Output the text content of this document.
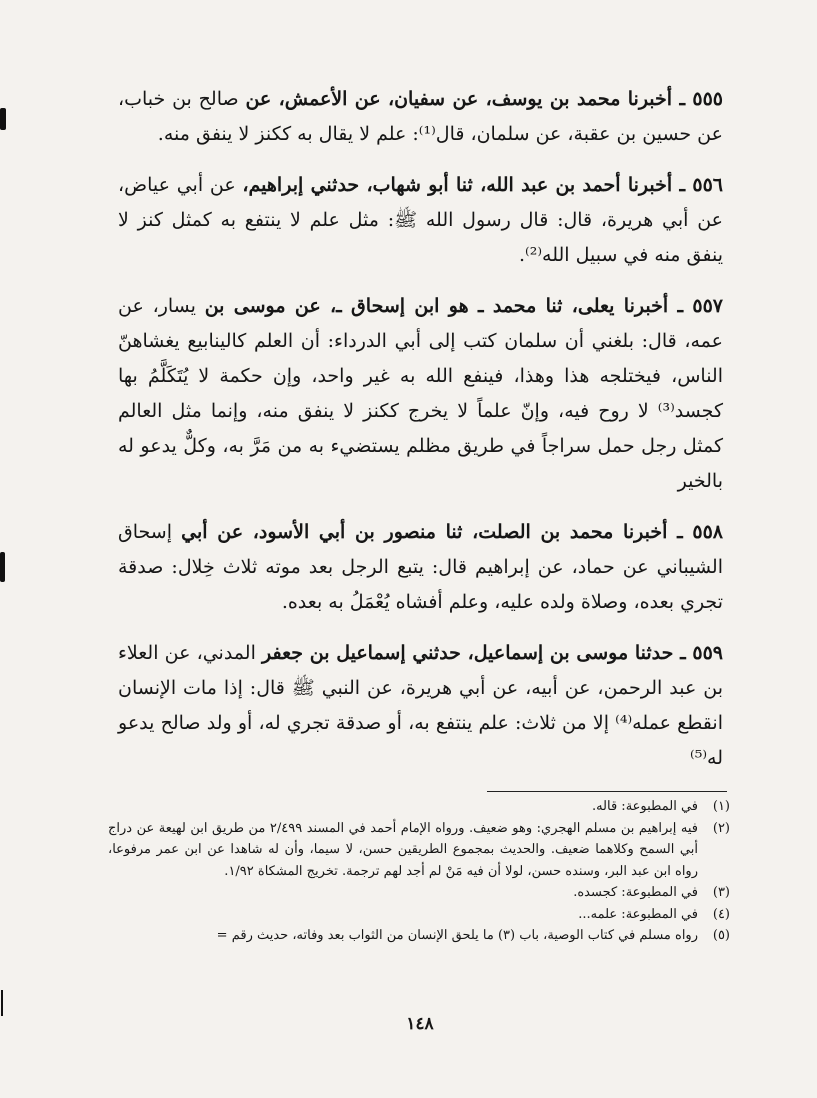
٥٥٥ ـ أخبرنا محمد بن يوسف، عن سفيان، عن الأعمش، عن صالح بن خباب، عن حسين بن عقبة، عن سلمان، قال⁽¹⁾: علم لا يقال به ككنز لا ينفق منه.

٥٥٦ ـ أخبرنا أحمد بن عبد الله، ثنا أبو شهاب، حدثني إبراهيم، عن أبي عياض، عن أبي هريرة، قال: قال رسول الله ﷺ: مثل علم لا ينتفع به كمثل كنز لا ينفق منه في سبيل الله⁽²⁾.

٥٥٧ ـ أخبرنا يعلى، ثنا محمد ـ هو ابن إسحاق ـ، عن موسى بن يسار، عن عمه، قال: بلغني أن سلمان كتب إلى أبي الدرداء: أن العلم كالينابيع يغشاهنّ الناس، فيختلجه هذا وهذا، فينفع الله به غير واحد، وإن حكمة لا يُتَكَلَّمُ بها كجسد⁽³⁾ لا روح فيه، وإنّ علماً لا يخرج ككنز لا ينفق منه، وإنما مثل العالم كمثل رجل حمل سراجاً في طريق مظلم يستضيء به من مَرَّ به، وكلٌّ يدعو له بالخير

٥٥٨ ـ أخبرنا محمد بن الصلت، ثنا منصور بن أبي الأسود، عن أبي إسحاق الشيباني عن حماد، عن إبراهيم قال: يتبع الرجل بعد موته ثلاث خِلال: صدقة تجري بعده، وصلاة ولده عليه، وعلم أفشاه يُعْمَلُ به بعده.

٥٥٩ ـ حدثنا موسى بن إسماعيل، حدثني إسماعيل بن جعفر المدني، عن العلاء بن عبد الرحمن، عن أبيه، عن أبي هريرة، عن النبي ﷺ قال: إذا مات الإنسان انقطع عمله⁽⁴⁾ إلا من ثلاث: علم ينتفع به، أو صدقة تجري له، أو ولد صالح يدعو له⁽⁵⁾

(١)
في المطبوعة: قاله.
(٢)
فيه إبراهيم بن مسلم الهجري: وهو ضعيف. ورواه الإمام أحمد في المسند ٢/٤٩٩ من طريق ابن لهيعة عن دراج أبي السمح وكلاهما ضعيف. والحديث بمجموع الطريقين حسن، لا سيما، وأن له شاهدا عن ابن عمر مرفوعا، رواه ابن عبد البر، وسنده حسن، لولا أن فيه مَنْ لم أجد لهم ترجمة. تخريج المشكاة ١/٩٢.
(٣)
في المطبوعة: كجسده.
(٤)
في المطبوعة: علمه...
(٥)
رواه مسلم في كتاب الوصية، باب (٣) ما يلحق الإنسان من الثواب بعد وفاته، حديث رقم =
١٤٨
